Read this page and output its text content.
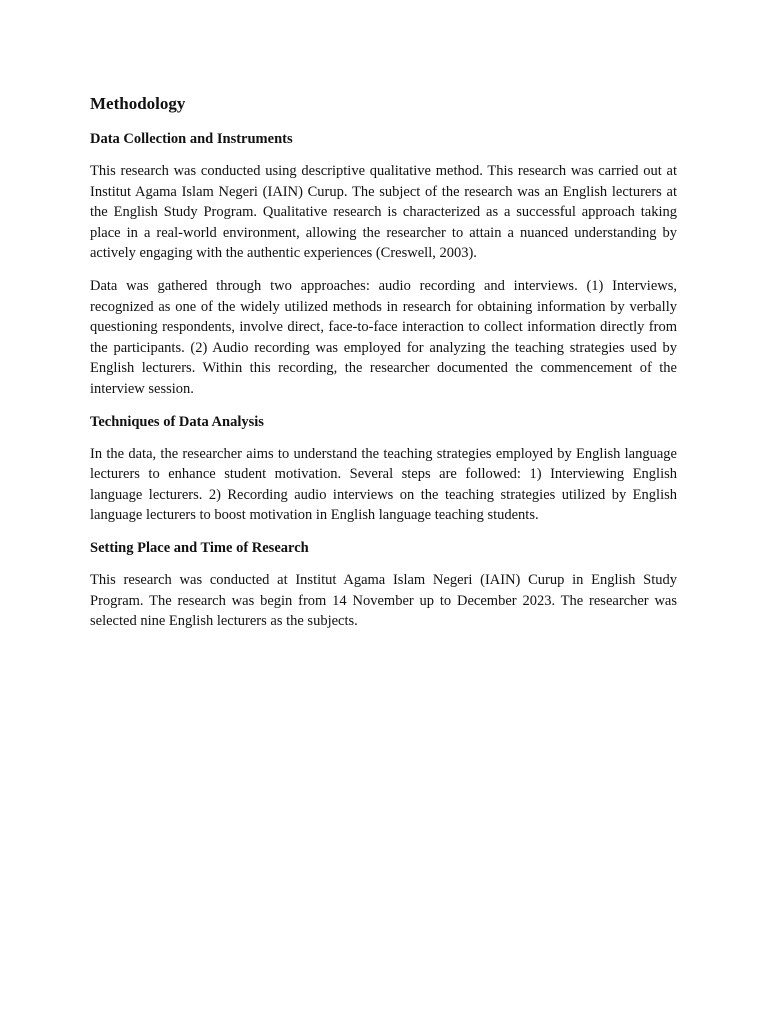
Methodology
Data Collection and Instruments

This research was conducted using descriptive qualitative method. This research was carried out at Institut Agama Islam Negeri (IAIN) Curup. The subject of the research was an English lecturers at the English Study Program. Qualitative research is characterized as a successful approach taking place in a real-world environment, allowing the researcher to attain a nuanced understanding by actively engaging with the authentic experiences (Creswell, 2003).

Data was gathered through two approaches: audio recording and interviews. (1) Interviews, recognized as one of the widely utilized methods in research for obtaining information by verbally questioning respondents, involve direct, face-to-face interaction to collect information directly from the participants. (2) Audio recording was employed for analyzing the teaching strategies used by English lecturers. Within this recording, the researcher documented the commencement of the interview session.

Techniques of Data Analysis

In the data, the researcher aims to understand the teaching strategies employed by English language lecturers to enhance student motivation. Several steps are followed: 1) Interviewing English language lecturers. 2) Recording audio interviews on the teaching strategies utilized by English language lecturers to boost motivation in English language teaching students.

Setting Place and Time of Research

This research was conducted at Institut Agama Islam Negeri (IAIN) Curup in English Study Program. The research was begin from 14 November up to December 2023. The researcher was selected nine English lecturers as the subjects.
